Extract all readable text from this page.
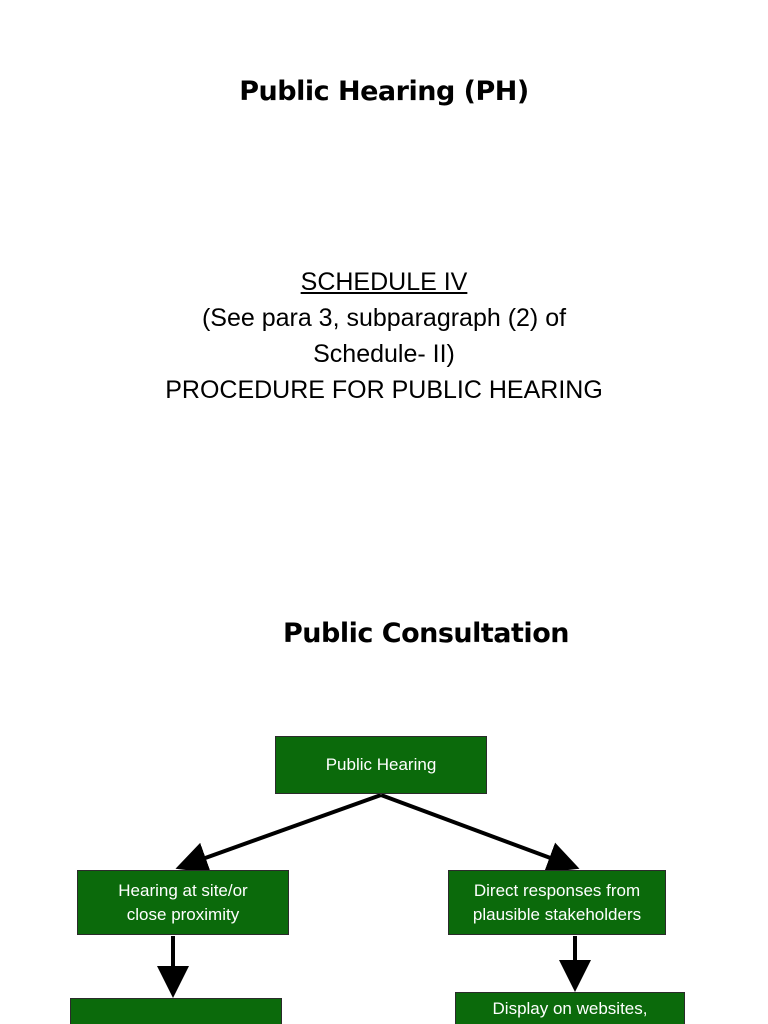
Public Hearing (PH)
SCHEDULE IV
(See para 3, subparagraph (2) of
Schedule- II)
PROCEDURE FOR PUBLIC HEARING
Public Consultation
Public Hearing
Hearing at site/or
close proximity
Direct responses from
plausible stakeholders
Display on websites,
